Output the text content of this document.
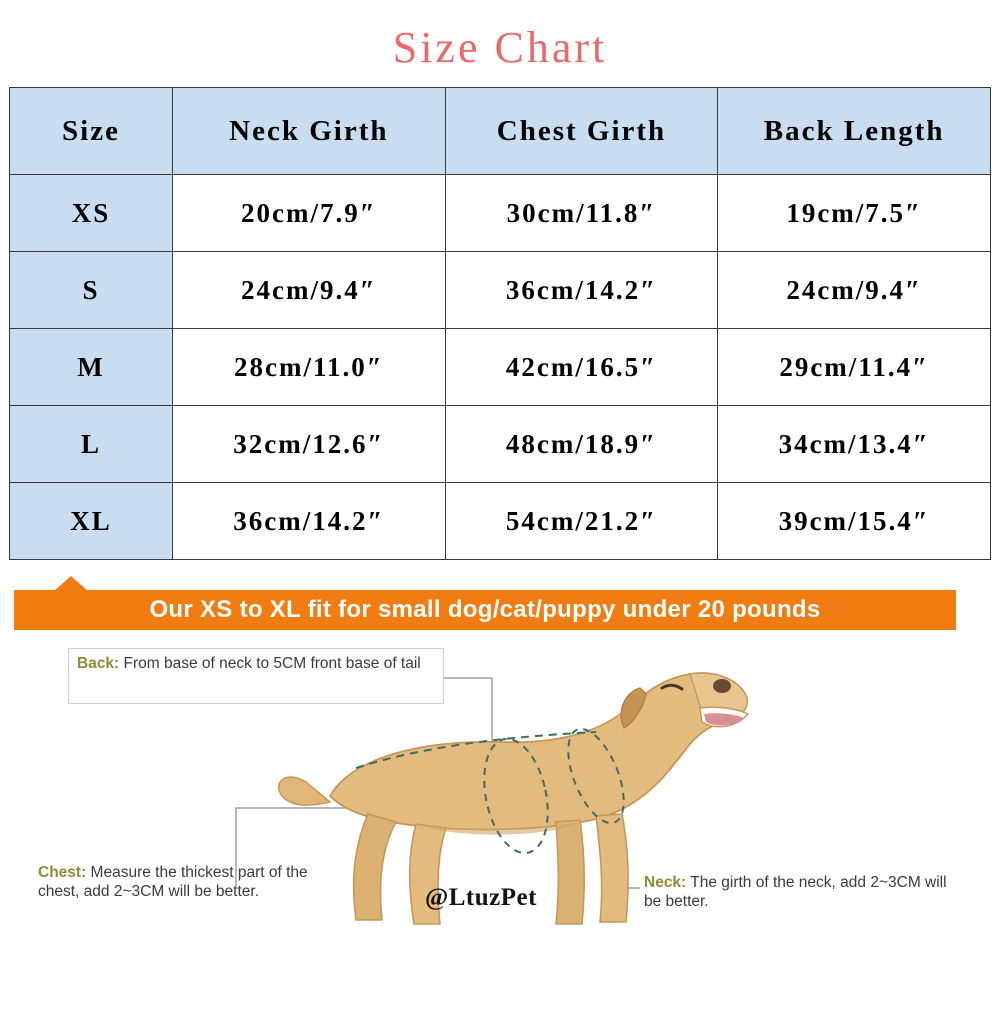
Size Chart
Size	Neck Girth	Chest Girth	Back Length
XS	20cm/7.9″	30cm/11.8″	19cm/7.5″
S	24cm/9.4″	36cm/14.2″	24cm/9.4″
M	28cm/11.0″	42cm/16.5″	29cm/11.4″
L	32cm/12.6″	48cm/18.9″	34cm/13.4″
XL	36cm/14.2″	54cm/21.2″	39cm/15.4″
Our XS to XL fit for small dog/cat/puppy under 20 pounds
Back: From base of neck to 5CM front base of tail
Chest: Measure the thickest part of the chest, add 2~3CM will be better.
Neck: The girth of the neck, add 2~3CM will be better.
@LtuzPet
